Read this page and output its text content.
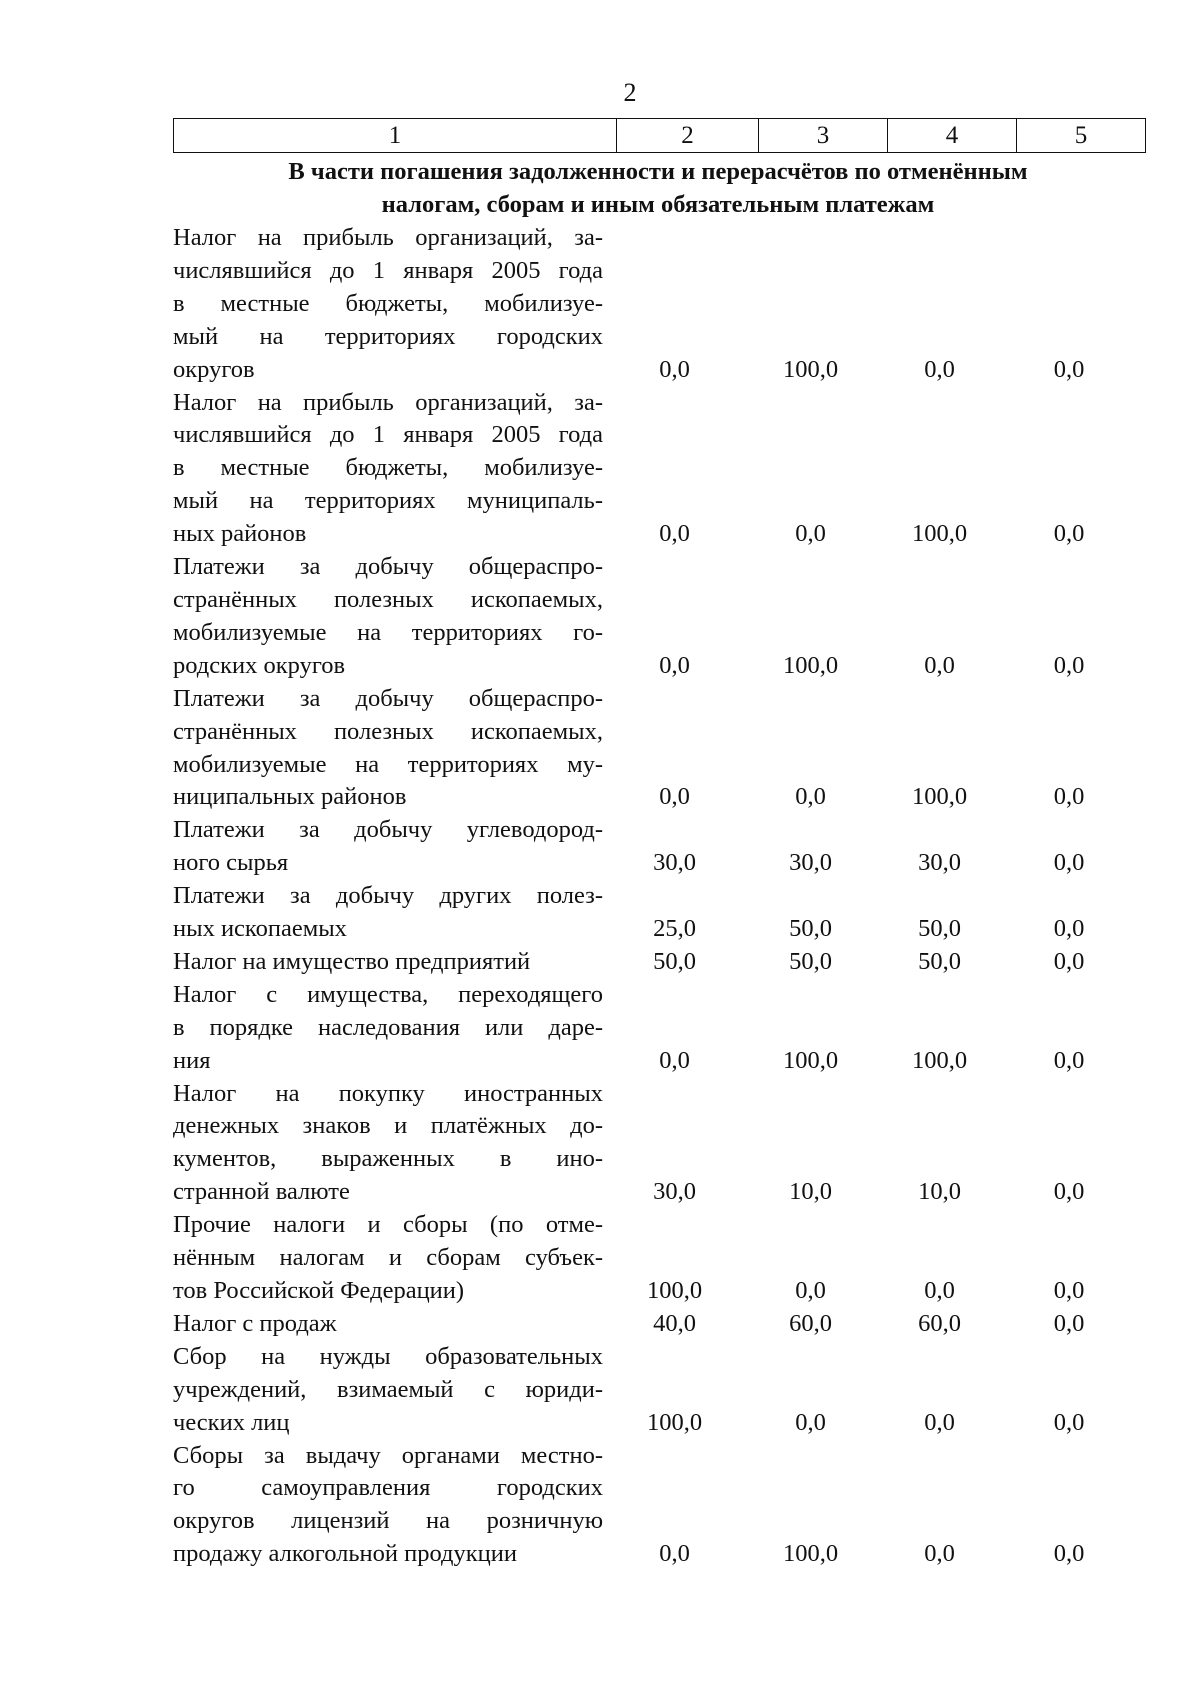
2
1	2	3	4	5
В части погашения задолженности и перерасчётов по отменённым
налогам, сборам и иным обязательным платежам
Налог на прибыль организаций, за-
числявшийся до 1 января 2005 года
в местные бюджеты, мобилизуе-
мый на территориях городских
округов	0,0	100,0	0,0	0,0
Налог на прибыль организаций, за-
числявшийся до 1 января 2005 года
в местные бюджеты, мобилизуе-
мый на территориях муниципаль-
ных районов	0,0	0,0	100,0	0,0
Платежи за добычу общераспро-
странённых полезных ископаемых,
мобилизуемые на территориях го-
родских округов	0,0	100,0	0,0	0,0
Платежи за добычу общераспро-
странённых полезных ископаемых,
мобилизуемые на территориях му-
ниципальных районов	0,0	0,0	100,0	0,0
Платежи за добычу углеводород-
ного сырья	30,0	30,0	30,0	0,0
Платежи за добычу других полез-
ных ископаемых	25,0	50,0	50,0	0,0
Налог на имущество предприятий	50,0	50,0	50,0	0,0
Налог с имущества, переходящего
в порядке наследования или даре-
ния	0,0	100,0	100,0	0,0
Налог на покупку иностранных
денежных знаков и платёжных до-
кументов, выраженных в ино-
странной валюте	30,0	10,0	10,0	0,0
Прочие налоги и сборы (по отме-
нённым налогам и сборам субъек-
тов Российской Федерации)	100,0	0,0	0,0	0,0
Налог с продаж	40,0	60,0	60,0	0,0
Сбор на нужды образовательных
учреждений, взимаемый с юриди-
ческих лиц	100,0	0,0	0,0	0,0
Сборы за выдачу органами местно-
го самоуправления городских
округов лицензий на розничную
продажу алкогольной продукции	0,0	100,0	0,0	0,0
